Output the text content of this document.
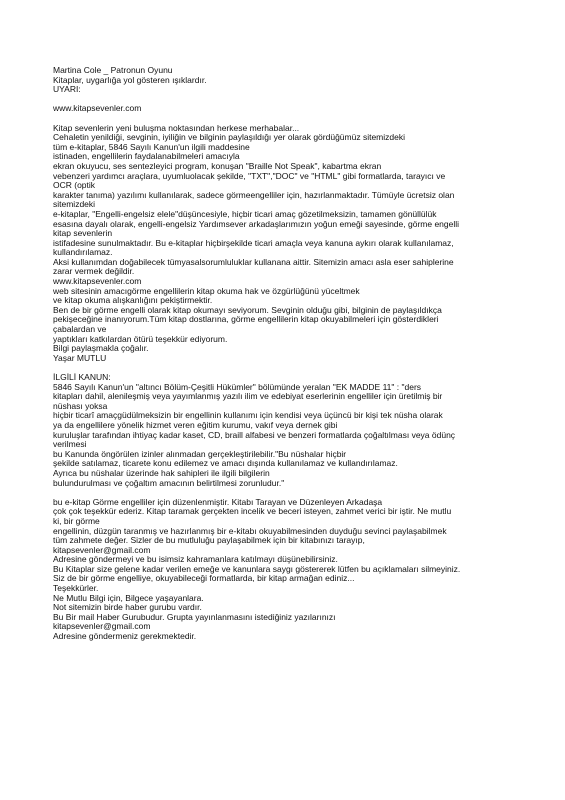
Martina Cole _ Patronun Oyunu
Kitaplar, uygarlığa yol gösteren ışıklardır.
UYARI:
www.kitapsevenler.com
Kitap sevenlerin yeni buluşma noktasından herkese merhabalar...
Cehaletin yenildiği, sevginin, iyiliğin ve bilginin paylaşıldığı yer olarak gördüğümüz sitemizdeki
tüm e-kitaplar, 5846 Sayılı Kanun'un ilgili maddesine
istinaden, engellilerin faydalanabilmeleri amacıyla
ekran okuyucu, ses sentezleyici program, konuşan "Braille Not Speak", kabartma ekran
vebenzeri yardımcı araçlara, uyumluolacak şekilde, "TXT","DOC" ve "HTML" gibi formatlarda, tarayıcı ve
OCR (optik
karakter tanıma) yazılımı kullanılarak, sadece görmeengelliler için, hazırlanmaktadır. Tümüyle ücretsiz olan
sitemizdeki
e-kitaplar, "Engelli-engelsiz elele"düşüncesiyle, hiçbir ticari amaç gözetilmeksizin, tamamen gönüllülük
esasına dayalı olarak, engelli-engelsiz Yardımsever arkadaşlarımızın yoğun emeği sayesinde, görme engelli
kitap sevenlerin
istifadesine sunulmaktadır. Bu e-kitaplar hiçbirşekilde ticari amaçla veya kanuna aykırı olarak kullanılamaz,
kullandırılamaz.
Aksi kullanımdan doğabilecek tümyasalsorumluluklar kullanana aittir. Sitemizin amacı asla eser sahiplerine
zarar vermek değildir.
www.kitapsevenler.com
web sitesinin amacıgörme engellilerin kitap okuma hak ve özgürlüğünü yüceltmek
ve kitap okuma alışkanlığını pekiştirmektir.
Ben de bir görme engelli olarak kitap okumayı seviyorum. Sevginin olduğu gibi, bilginin de paylaşıldıkça
pekişeceğine inanıyorum.Tüm kitap dostlarına, görme engellilerin kitap okuyabilmeleri için gösterdikleri
çabalardan ve
yaptıkları katkılardan ötürü teşekkür ediyorum.
Bilgi paylaşmakla çoğalır.
Yaşar MUTLU
İLGİLİ KANUN:
5846 Sayılı Kanun'un "altıncı Bölüm-Çeşitli Hükümler" bölümünde yeralan "EK MADDE 11" : "ders
kitapları dahil, alenileşmiş veya yayımlanmış yazılı ilim ve edebiyat eserlerinin engelliler için üretilmiş bir
nüshası yoksa
hiçbir ticarî amaçgüdülmeksizin bir engellinin kullanımı için kendisi veya üçüncü bir kişi tek nüsha olarak
ya da engellilere yönelik hizmet veren eğitim kurumu, vakıf veya dernek gibi
kuruluşlar tarafından ihtiyaç kadar kaset, CD, braill alfabesi ve benzeri formatlarda çoğaltılması veya ödünç
verilmesi
bu Kanunda öngörülen izinler alınmadan gerçekleştirilebilir."Bu nüshalar hiçbir
şekilde satılamaz, ticarete konu edilemez ve amacı dışında kullanılamaz ve kullandırılamaz.
Ayrıca bu nüshalar üzerinde hak sahipleri ile ilgili bilgilerin
bulundurulması ve çoğaltım amacının belirtilmesi zorunludur."
bu e-kitap Görme engelliler için düzenlenmiştir. Kitabı Tarayan ve Düzenleyen Arkadaşa
çok çok teşekkür ederiz. Kitap taramak gerçekten incelik ve beceri isteyen, zahmet verici bir iştir. Ne mutlu
ki, bir görme
engellinin, düzgün taranmış ve hazırlanmış bir e-kitabı okuyabilmesinden duyduğu sevinci paylaşabilmek
tüm zahmete değer. Sizler de bu mutluluğu paylaşabilmek için bir kitabınızı tarayıp,
kitapsevenler@gmail.com
Adresine göndermeyi ve bu isimsiz kahramanlara katılmayı düşünebilirsiniz.
Bu Kitaplar size gelene kadar verilen emeğe ve kanunlara saygı göstererek lütfen bu açıklamaları silmeyiniz.
Siz de bir görme engelliye, okuyabileceği formatlarda, bir kitap armağan ediniz...
Teşekkürler.
Ne Mutlu Bilgi için, Bilgece yaşayanlara.
Not sitemizin birde haber gurubu vardır.
Bu Bir mail Haber Gurubudur. Grupta yayınlanmasını istediğiniz yazılarınızı
kitapsevenler@gmail.com
Adresine göndermeniz gerekmektedir.
